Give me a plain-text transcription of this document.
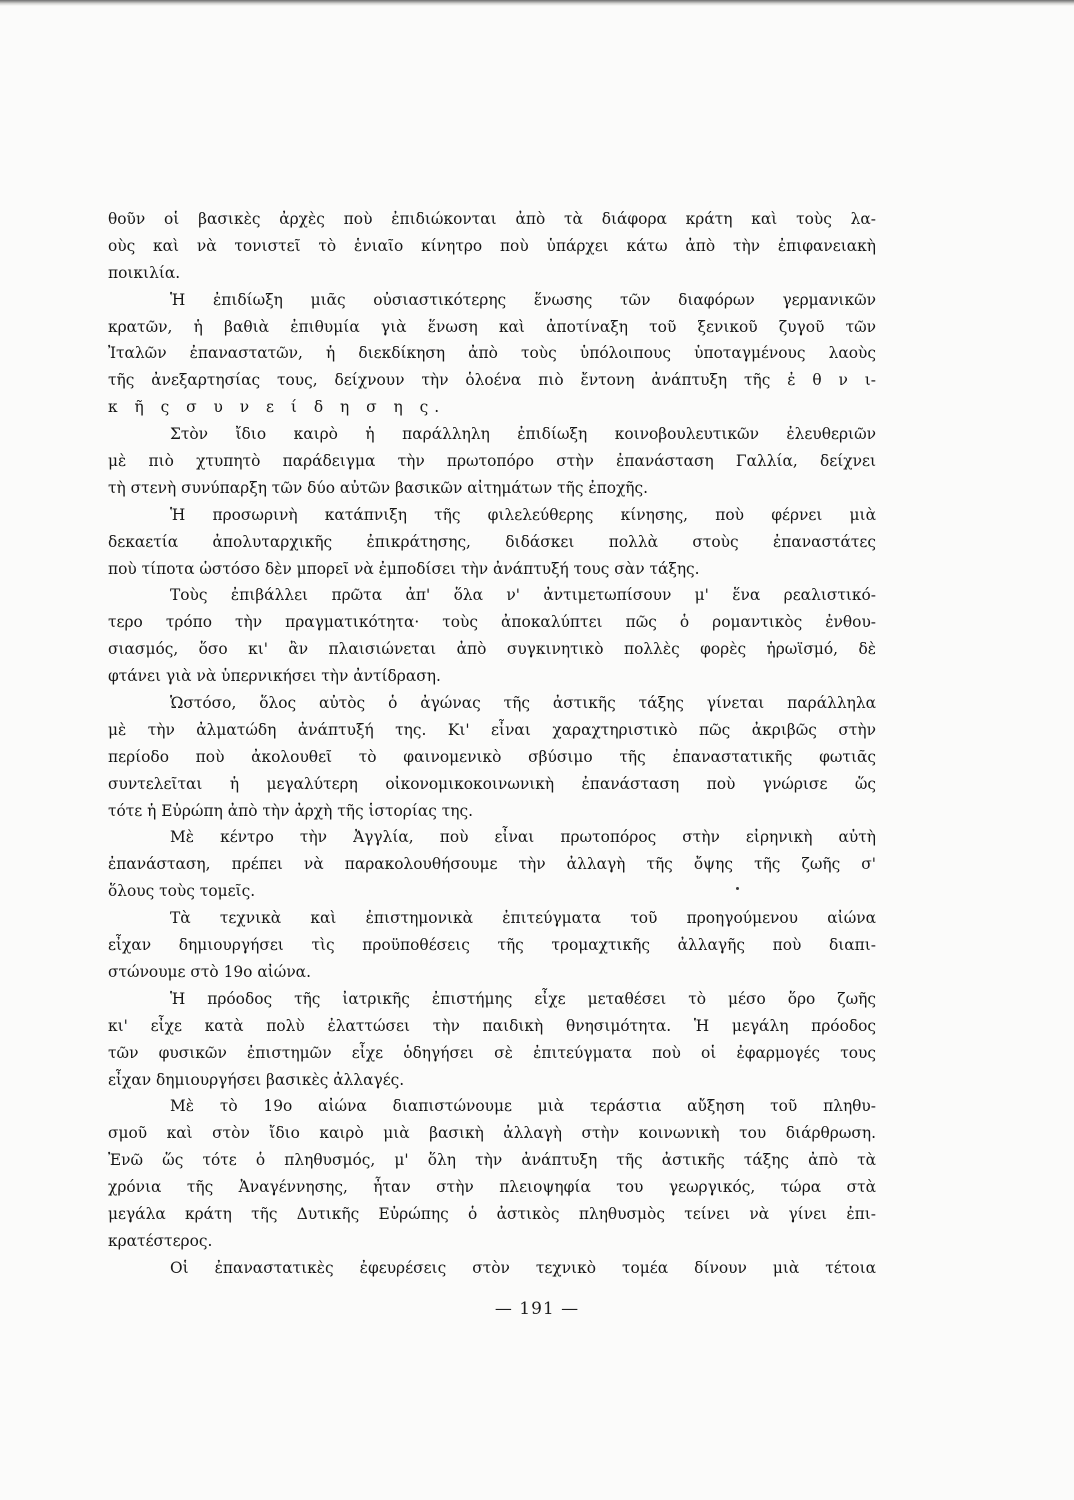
θοῦν οἱ βασικὲς ἀρχὲς ποὺ ἐπιδιώκονται ἀπὸ τὰ διάφορα κράτη καὶ τοὺς λα-
οὺς καὶ νὰ τονιστεῖ τὸ ἑνιαῖο κίνητρο ποὺ ὑπάρχει κάτω ἀπὸ τὴν ἐπιφανειακὴ
ποικιλία.
Ἡ ἐπιδίωξη μιᾶς οὐσιαστικότερης ἕνωσης τῶν διαφόρων γερμανικῶν
κρατῶν, ἡ βαθιὰ ἐπιθυμία γιὰ ἕνωση καὶ ἀποτίναξη τοῦ ξενικοῦ ζυγοῦ τῶν
Ἰταλῶν ἐπαναστατῶν, ἡ διεκδίκηση ἀπὸ τοὺς ὑπόλοιπους ὑποταγμένους λαοὺς
τῆς ἀνεξαρτησίας τους, δείχνουν τὴν ὁλοένα πιὸ ἔντονη ἀνάπτυξη τῆς ἐ θ ν ι-
κ ῆ ς σ υ ν ε ί δ η σ η ς.
Στὸν ἴδιο καιρὸ ἡ παράλληλη ἐπιδίωξη κοινοβουλευτικῶν ἐλευθεριῶν
μὲ πιὸ χτυπητὸ παράδειγμα τὴν πρωτοπόρο στὴν ἐπανάσταση Γαλλία, δείχνει
τὴ στενὴ συνύπαρξη τῶν δύο αὐτῶν βασικῶν αἰτημάτων τῆς ἐποχῆς.
Ἡ προσωρινὴ κατάπνιξη τῆς φιλελεύθερης κίνησης, ποὺ φέρνει μιὰ
δεκαετία ἀπολυταρχικῆς ἐπικράτησης, διδάσκει πολλὰ στοὺς ἐπαναστάτες
ποὺ τίποτα ὡστόσο δὲν μπορεῖ νὰ ἐμποδίσει τὴν ἀνάπτυξή τους σὰν τάξης.
Τοὺς ἐπιβάλλει πρῶτα ἀπ' ὅλα ν' ἀντιμετωπίσουν μ' ἕνα ρεαλιστικό-
τερο τρόπο τὴν πραγματικότητα· τοὺς ἀποκαλύπτει πῶς ὁ ρομαντικὸς ἐνθου-
σιασμός, ὅσο κι' ἂν πλαισιώνεται ἀπὸ συγκινητικὸ πολλὲς φορὲς ἡρωϊσμό, δὲ
φτάνει γιὰ νὰ ὑπερνικήσει τὴν ἀντίδραση.
Ὡστόσο, ὅλος αὐτὸς ὁ ἀγώνας τῆς ἀστικῆς τάξης γίνεται παράλληλα
μὲ τὴν ἀλματώδη ἀνάπτυξή της. Κι' εἶναι χαραχτηριστικὸ πῶς ἀκριβῶς στὴν
περίοδο ποὺ ἀκολουθεῖ τὸ φαινομενικὸ σβύσιμο τῆς ἐπαναστατικῆς φωτιᾶς
συντελεῖται ἡ μεγαλύτερη οἰκονομικοκοινωνικὴ ἐπανάσταση ποὺ γνώρισε ὥς
τότε ἡ Εὐρώπη ἀπὸ τὴν ἀρχὴ τῆς ἱστορίας της.
Μὲ κέντρο τὴν Ἀγγλία, ποὺ εἶναι πρωτοπόρος στὴν εἰρηνικὴ αὐτὴ
ἐπανάσταση, πρέπει νὰ παρακολουθήσουμε τὴν ἀλλαγὴ τῆς ὄψης τῆς ζωῆς σ'
ὅλους τοὺς τομεῖς.
Τὰ τεχνικὰ καὶ ἐπιστημονικὰ ἐπιτεύγματα τοῦ προηγούμενου αἰώνα
εἶχαν δημιουργήσει τὶς προϋποθέσεις τῆς τρομαχτικῆς ἀλλαγῆς ποὺ διαπι-
στώνουμε στὸ 19ο αἰώνα.
Ἡ πρόοδος τῆς ἰατρικῆς ἐπιστήμης εἶχε μεταθέσει τὸ μέσο ὅρο ζωῆς
κι' εἶχε κατὰ πολὺ ἐλαττώσει τὴν παιδικὴ θνησιμότητα. Ἡ μεγάλη πρόοδος
τῶν φυσικῶν ἐπιστημῶν εἶχε ὁδηγήσει σὲ ἐπιτεύγματα ποὺ οἱ ἐφαρμογές τους
εἶχαν δημιουργήσει βασικὲς ἀλλαγές.
Μὲ τὸ 19ο αἰώνα διαπιστώνουμε μιὰ τεράστια αὔξηση τοῦ πληθυ-
σμοῦ καὶ στὸν ἴδιο καιρὸ μιὰ βασικὴ ἀλλαγὴ στὴν κοινωνικὴ του διάρθρωση.
Ἐνῶ ὥς τότε ὁ πληθυσμός, μ' ὅλη τὴν ἀνάπτυξη τῆς ἀστικῆς τάξης ἀπὸ τὰ
χρόνια τῆς Ἀναγέννησης, ἦταν στὴν πλειοψηφία του γεωργικός, τώρα στὰ
μεγάλα κράτη τῆς Δυτικῆς Εὐρώπης ὁ ἀστικὸς πληθυσμὸς τείνει νὰ γίνει ἐπι-
κρατέστερος.
Οἱ ἐπαναστατικὲς ἐφευρέσεις στὸν τεχνικὸ τομέα δίνουν μιὰ τέτοια
— 191 —
